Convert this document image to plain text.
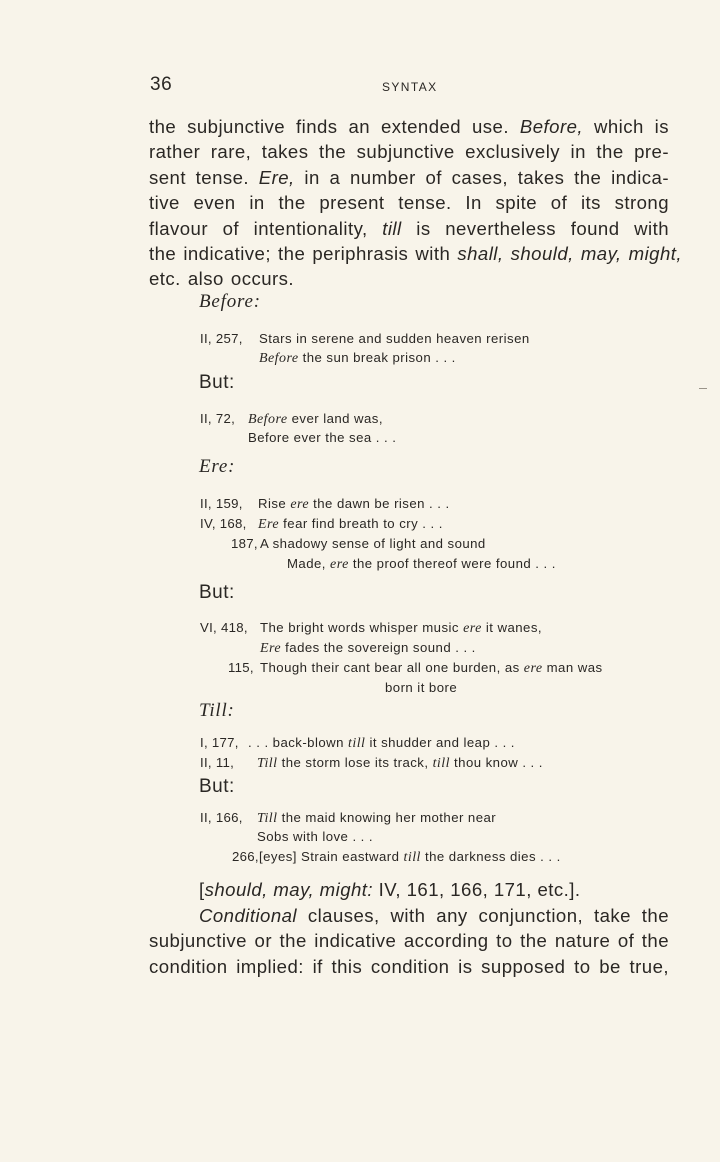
36	SYNTAX
the subjunctive finds an extended use. Before, which is
rather rare, takes the subjunctive exclusively in the pre-
sent tense. Ere, in a number of cases, takes the indica-
tive even in the present tense. In spite of its strong
flavour of intentionality, till is nevertheless found with
the indicative; the periphrasis with shall, should, may, might,
etc. also occurs.
Before:
II, 257, Stars in serene and sudden heaven rerisen
Before the sun break prison . . .
But:
II, 72, Before ever land was,
Before ever the sea . . .
Ere:
II, 159, Rise ere the dawn be risen . . .
IV, 168, Ere fear find breath to cry . . .
187, A shadowy sense of light and sound
Made, ere the proof thereof were found . . .
But:
VI, 418, The bright words whisper music ere it wanes,
Ere fades the sovereign sound . . .
115, Though their cant bear all one burden, as ere man was
born it bore
Till:
I, 177, . . . back-blown till it shudder and leap . . .
II, 11, Till the storm lose its track, till thou know . . .
But:
II, 166, Till the maid knowing her mother near
Sobs with love . . .
266, [eyes] Strain eastward till the darkness dies . . .
[should, may, might: IV, 161, 166, 171, etc.].
Conditional clauses, with any conjunction, take the
subjunctive or the indicative according to the nature of the
condition implied: if this condition is supposed to be true,
